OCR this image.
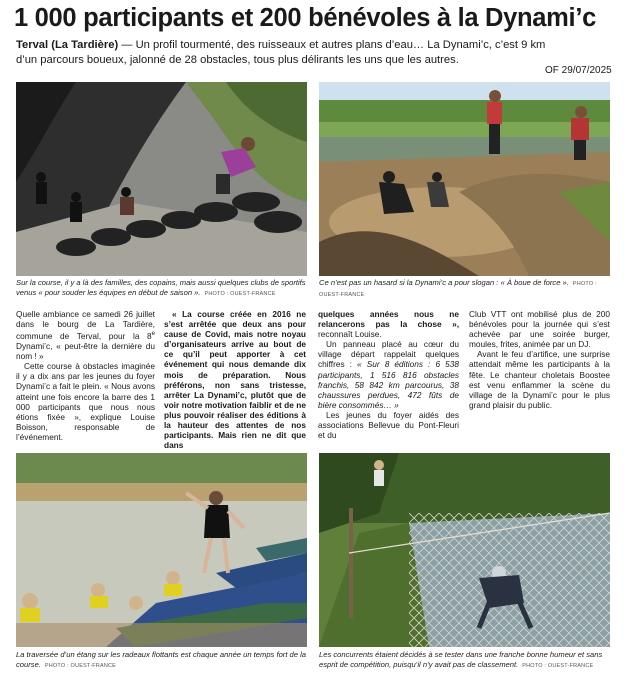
1 000 participants et 200 bénévoles à la Dynami’c
Terval (La Tardière) — Un profil tourmenté, des ruisseaux et autres plans d’eau… La Dynami’c, c’est 9 km d’un parcours boueux, jalonné de 28 obstacles, tous plus délirants les uns que les autres.
OF 29/07/2025
Sur la course, il y a là des familles, des copains, mais aussi quelques clubs de sportifs venus « pour souder les équipes en début de saison ». PHOTO : OUEST-FRANCE
Ce n’est pas un hasard si la Dynami’c a pour slogan : « À boue de force ». PHOTO : OUEST-FRANCE

Quelle ambiance ce samedi 26 juillet dans le bourg de La Tardière, commune de Terval, pour la 8e Dynami’c, « peut-être la dernière du nom ! »

Cette course à obstacles imaginée il y a dix ans par les jeunes du foyer Dynami’c a fait le plein. « Nous avons atteint une fois encore la barre des 1 000 participants que nous nous étions fixée », explique Louise Boisson, responsable de l’événement.

« La course créée en 2016 ne s’est arrêtée que deux ans pour cause de Covid, mais notre noyau d’organisateurs arrive au bout de ce qu’il peut apporter à cet événement qui nous demande dix mois de préparation. Nous préférons, non sans tristesse, arrêter La Dynami’c, plutôt que de voir notre motivation faiblir et de ne plus pouvoir réaliser des éditions à la hauteur des attentes de nos participants. Mais rien ne dit que dans

quelques années nous ne relancerons pas la chose », reconnaît Louise.

Un panneau placé au cœur du village départ rappelait quelques chiffres : « Sur 8 éditions : 6 538 participants, 1 516 816 obstacles franchis, 58 842 km parcourus, 38 chaussures perdues, 472 fûts de bière consommés… »

Les jeunes du foyer aidés des associations Bellevue du Pont-Fleuri et du

Club VTT ont mobilisé plus de 200 bénévoles pour la journée qui s’est achevée par une soirée burger, moules, frites, animée par un DJ.

Avant le feu d’artifice, une surprise attendait même les participants à la fête. Le chanteur choletais Boostee est venu enflammer la scène du village de la Dynami’c pour le plus grand plaisir du public.

La traversée d’un étang sur les radeaux flottants est chaque année un temps fort de la course. PHOTO : OUEST-FRANCE
Les concurrents étaient décidés à se tester dans une franche bonne humeur et sans esprit de compétition, puisqu’il n’y avait pas de classement. PHOTO : OUEST-FRANCE
